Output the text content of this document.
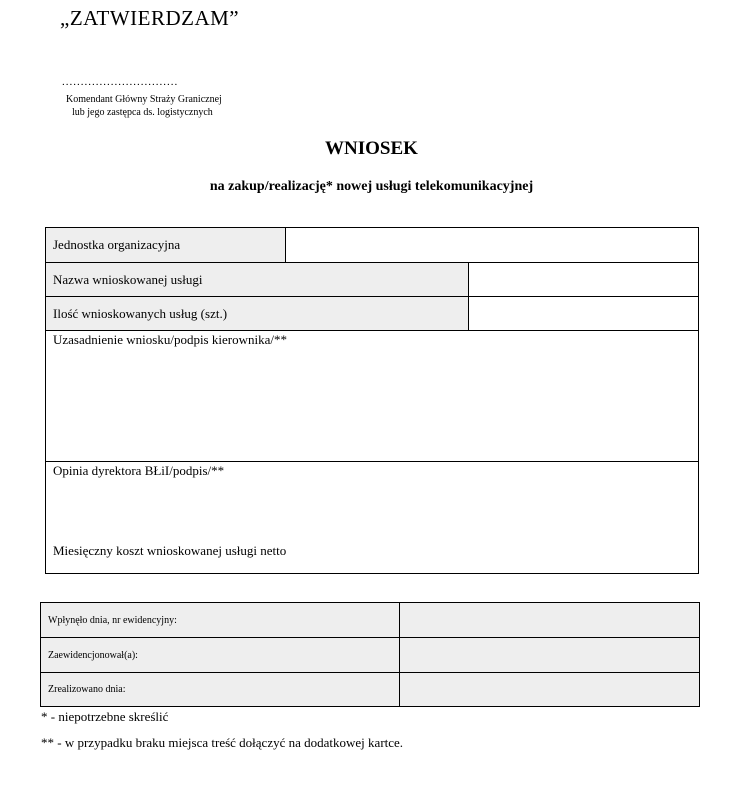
„ZATWIERDZAM”
...............................
Komendant Główny Straży Granicznej
lub jego zastępca ds. logistycznych
WNIOSEK
na zakup/realizację* nowej usługi telekomunikacyjnej
Jednostka organizacyjna
Nazwa wnioskowanej usługi
Ilość wnioskowanych usług (szt.)
Uzasadnienie wniosku/podpis kierownika/**
Opinia dyrektora BŁiI/podpis/**
Miesięczny koszt wnioskowanej usługi netto
Wpłynęło dnia, nr ewidencyjny:
Zaewidencjonował(a):
Zrealizowano dnia:
* - niepotrzebne skreślić
** - w przypadku braku miejsca treść dołączyć na dodatkowej kartce.
